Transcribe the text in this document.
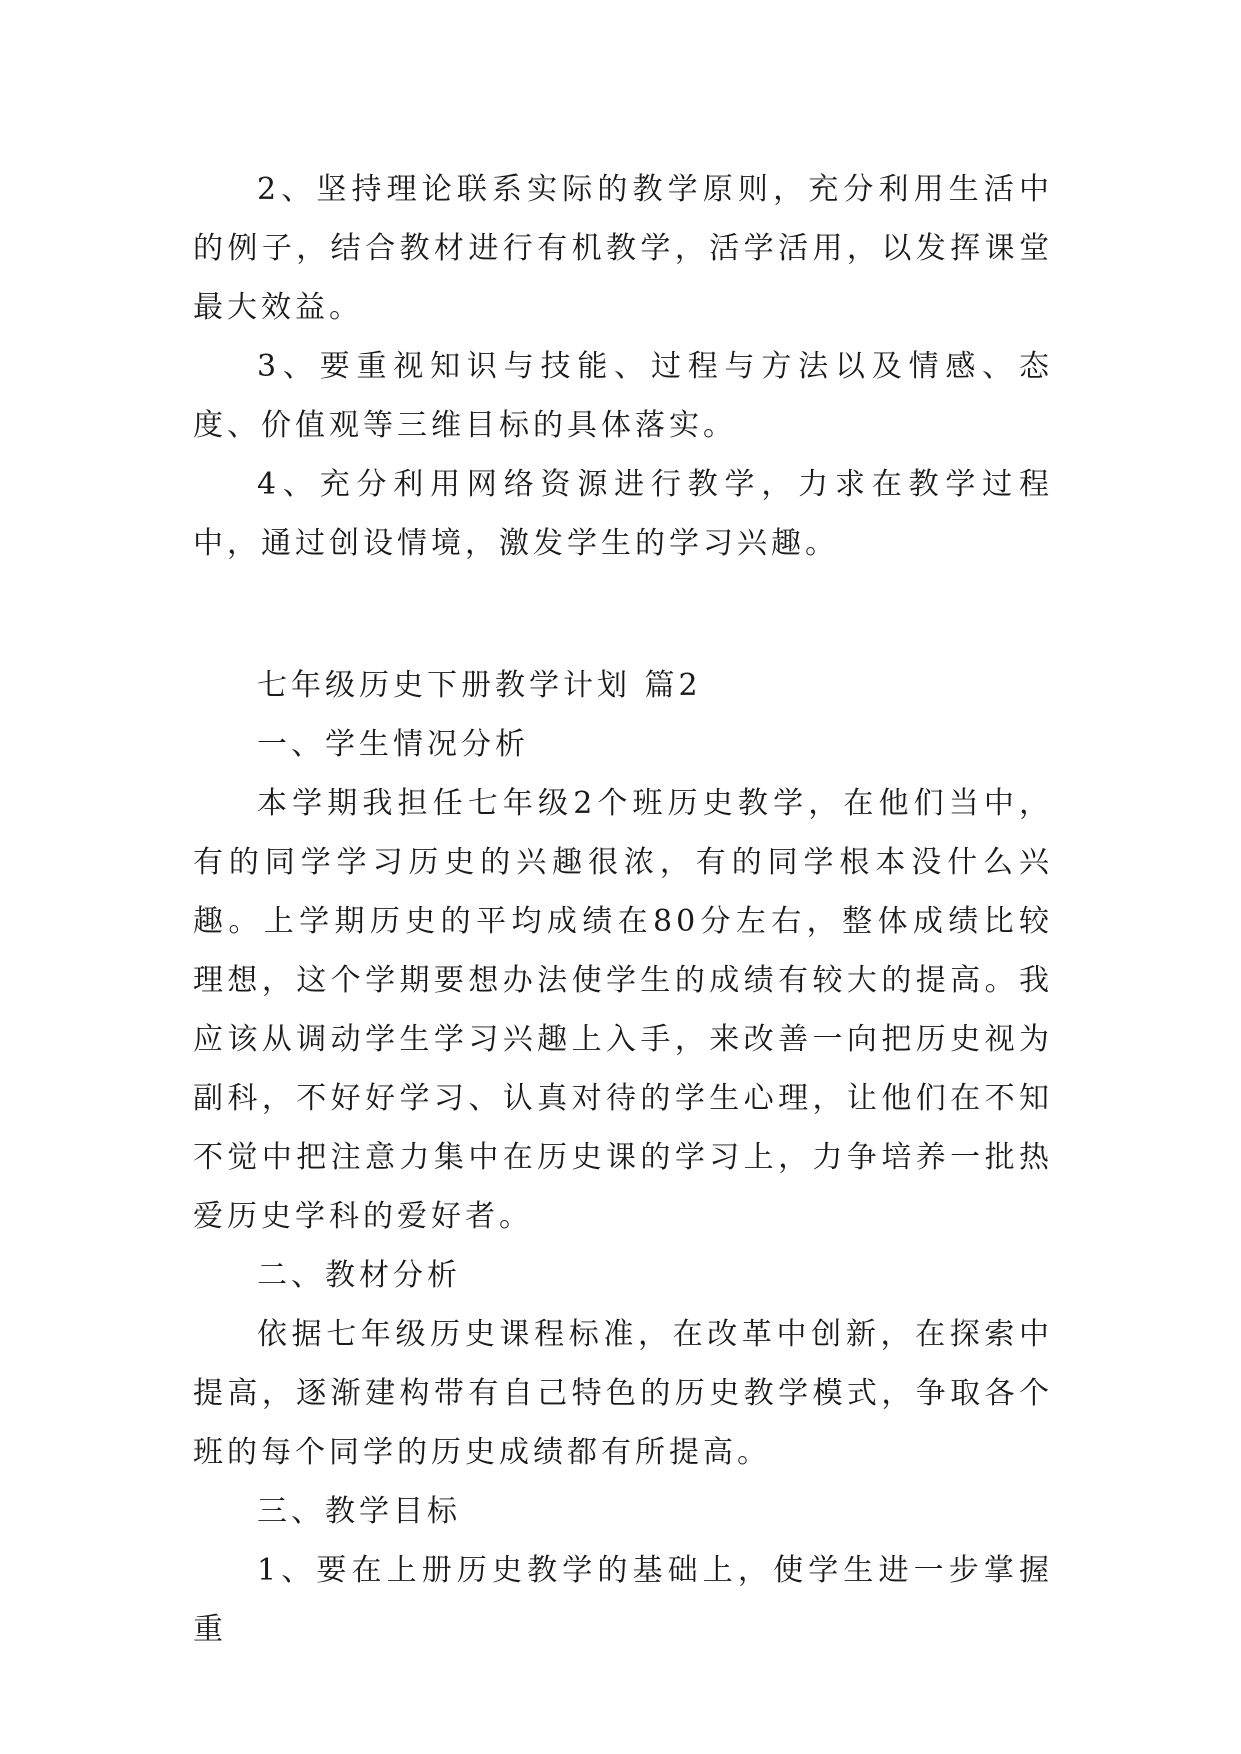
2、坚持理论联系实际的教学原则，充分利用生活中的例子，结合教材进行有机教学，活学活用，以发挥课堂最大效益。

3、要重视知识与技能、过程与方法以及情感、态度、价值观等三维目标的具体落实。

4、充分利用网络资源进行教学，力求在教学过程中，通过创设情境，激发学生的学习兴趣。

七年级历史下册教学计划 篇2

一、学生情况分析

本学期我担任七年级2个班历史教学，在他们当中，有的同学学习历史的兴趣很浓，有的同学根本没什么兴趣。上学期历史的平均成绩在80分左右，整体成绩比较理想，这个学期要想办法使学生的成绩有较大的提高。我应该从调动学生学习兴趣上入手，来改善一向把历史视为副科，不好好学习、认真对待的学生心理，让他们在不知不觉中把注意力集中在历史课的学习上，力争培养一批热爱历史学科的爱好者。

二、教材分析

依据七年级历史课程标准，在改革中创新，在探索中提高，逐渐建构带有自己特色的历史教学模式，争取各个班的每个同学的历史成绩都有所提高。

三、教学目标

1、要在上册历史教学的基础上，使学生进一步掌握重
